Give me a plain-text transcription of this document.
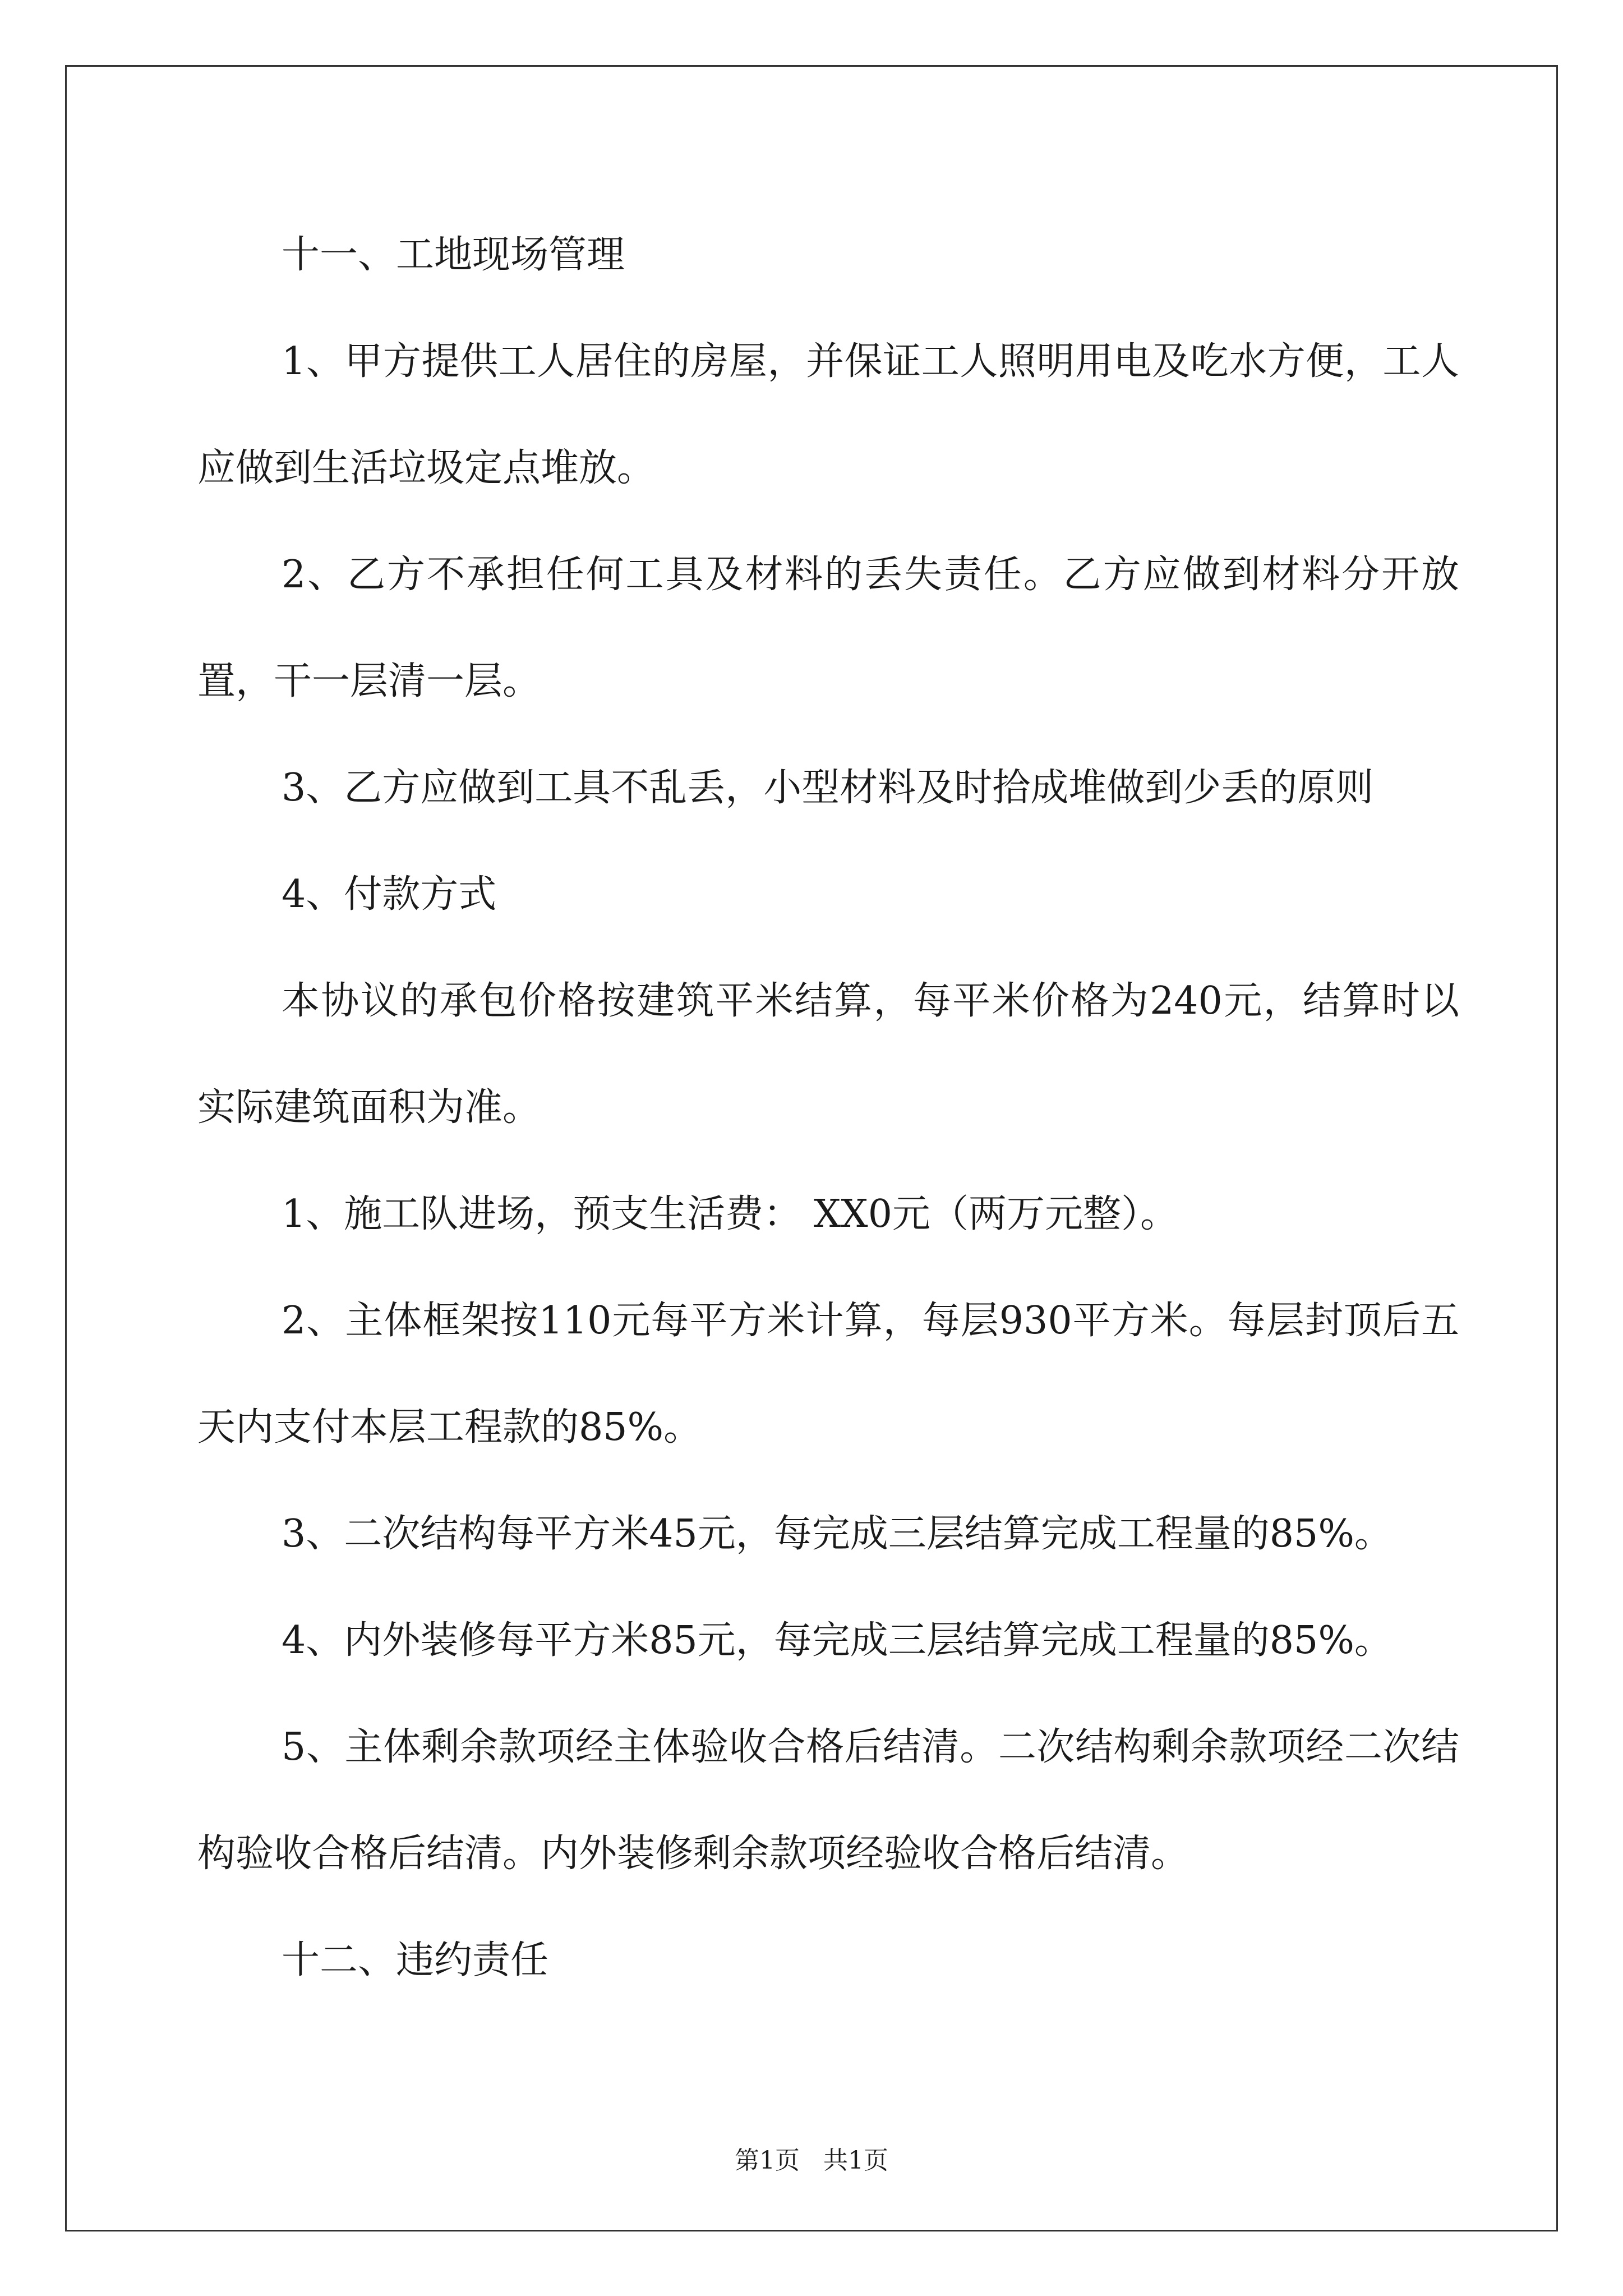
十一、工地现场管理

1、甲方提供工人居住的房屋，并保证工人照明用电及吃水方便，工人应做到生活垃圾定点堆放。

2、乙方不承担任何工具及材料的丢失责任。乙方应做到材料分开放置，干一层清一层。

3、乙方应做到工具不乱丢，小型材料及时拾成堆做到少丢的原则

4、付款方式

本协议的承包价格按建筑平米结算，每平米价格为240元，结算时以实际建筑面积为准。

1、施工队进场，预支生活费： XX0元（两万元整）。

2、主体框架按110元每平方米计算，每层930平方米。每层封顶后五天内支付本层工程款的85%。

3、二次结构每平方米45元，每完成三层结算完成工程量的85%。

4、内外装修每平方米85元，每完成三层结算完成工程量的85%。

5、主体剩余款项经主体验收合格后结清。二次结构剩余款项经二次结构验收合格后结清。内外装修剩余款项经验收合格后结清。

十二、违约责任

第1页 共1页
